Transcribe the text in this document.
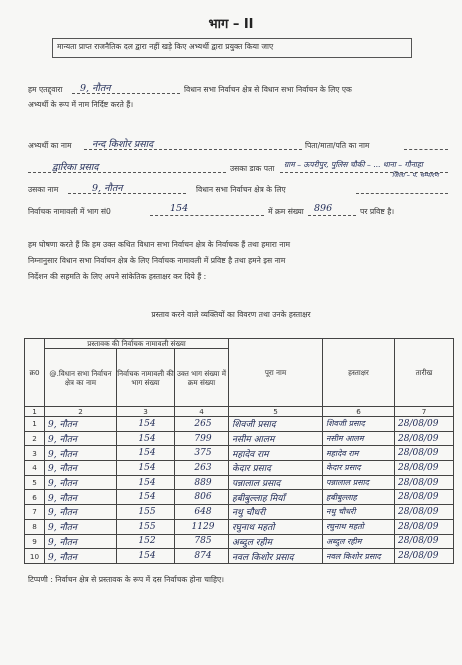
भाग – II
मान्यता प्राप्त राजनैतिक दल द्वारा नहीं खड़े किए अभ्यर्थी द्वारा प्रयुक्त किया जाए
हम एतद्द्वारा 9, नौतन	विधान सभा निर्वाचन क्षेत्र से विधान सभा निर्वाचन के लिए एक
अभ्यर्थी के रूप में नाम निर्दिष्ट करते हैं।
अभ्यर्थी का नाम नन्द किशोर प्रसाद	पिता/माता/पति का नाम
द्वारिका प्रसाद	उसका डाक पता ग्राम – ऊपरीपुर, पुलिस चौकी – ... थाना – गौनाहा
जिला – प. चम्पारण
उसका नाम	9, नौतन	विधान सभा निर्वाचन क्षेत्र के लिए
निर्वाचक नामावली में भाग सं0	154	में क्रम संख्या 896	पर प्रविष्ट है।
हम घोषणा करते हैं कि हम उक्त कथित विधान सभा निर्वाचन क्षेत्र के निर्वाचक हैं तथा हमारा नाम
निम्नानुसार विधान सभा निर्वाचन क्षेत्र के लिए निर्वाचक नामावली में प्रविष्ट है तथा हमने इस नाम
निर्देशन की सहमति के लिए अपने सांकेतिक हस्ताक्षर कर दिये हैं :
प्रस्ताव करने वाले व्यक्तियों का विवरण तथा उनके हस्ताक्षर
क्र0	प्रस्तावक की निर्वाचक नामावली संख्या			पूरा नाम	हस्ताक्षर	तारीख
	@.विधान सभा निर्वाचन क्षेत्र का नाम	निर्वाचक नामावली की भाग संख्या	उक्त भाग संख्या में क्रम संख्या			
1	2	3	4	5	6	7
1	9, नौतन	154	265	शिवजी प्रसाद	शिवजी प्रसाद	28/08/09
2	9, नौतन	154	799	नसीम आलम	नसीम आलम	28/08/09
3	9, नौतन	154	375	महादेव राम	महादेव राम	28/08/09
4	9, नौतन	154	263	केदार प्रसाद	केदार प्रसाद	28/08/09
5	9, नौतन	154	889	पन्नालाल प्रसाद	पन्नालाल प्रसाद	28/08/09
6	9, नौतन	154	806	हबीबुल्लाह मियाँ	हबीबुल्लाह	28/08/09
7	9, नौतन	155	648	नथु चौधरी	नथु चौधरी	28/08/09
8	9, नौतन	155	1129	रघुनाथ महतो	रघुनाथ महतो	28/08/09
9	9, नौतन	152	785	अब्दुल रहीम	अब्दुल रहीम	28/08/09
10	9, नौतन	154	874	नवल किशोर प्रसाद	नवल किशोर प्रसाद	28/08/09
टिप्पणी : निर्वाचन क्षेत्र से प्रस्तावक के रूप में दस निर्वाचक होना चाहिए।
